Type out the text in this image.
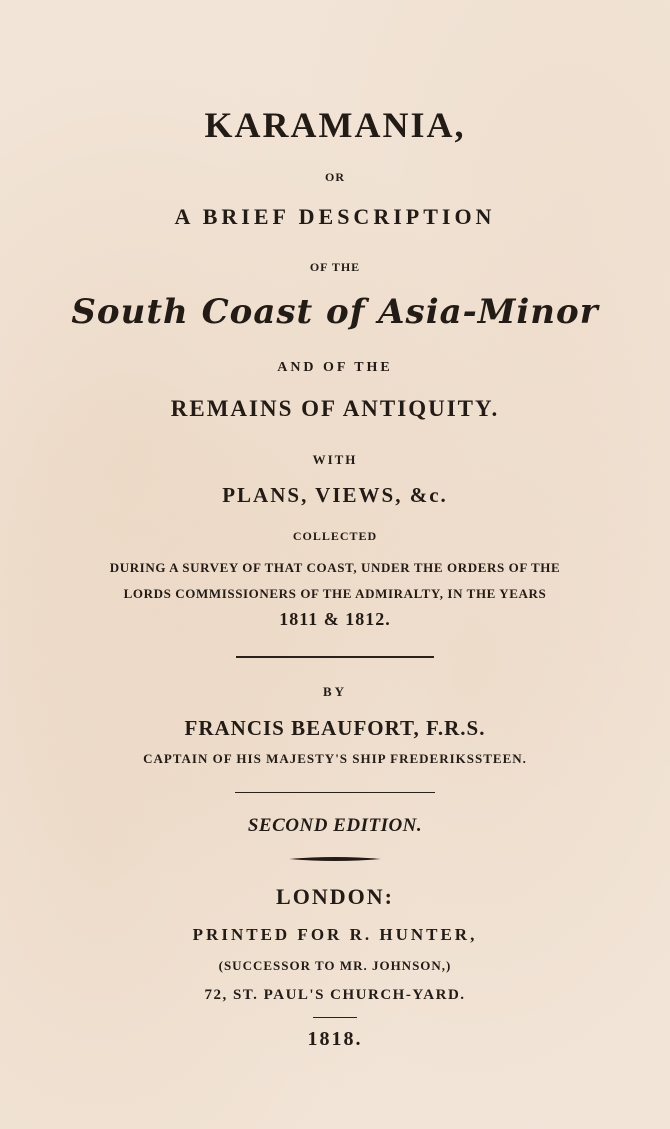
KARAMANIA,
OR
A BRIEF DESCRIPTION
OF THE
South Coast of Asia-Minor
AND OF THE
REMAINS OF ANTIQUITY.
WITH
PLANS, VIEWS, &c.
COLLECTED
DURING A SURVEY OF THAT COAST, UNDER THE ORDERS OF THE
LORDS COMMISSIONERS OF THE ADMIRALTY, IN THE YEARS
1811 & 1812.
BY
FRANCIS BEAUFORT, F.R.S.
CAPTAIN OF HIS MAJESTY'S SHIP FREDERIKSSTEEN.
SECOND EDITION.
LONDON:
PRINTED FOR R. HUNTER,
(SUCCESSOR TO MR. JOHNSON,)
72, ST. PAUL'S CHURCH-YARD.
1818.
